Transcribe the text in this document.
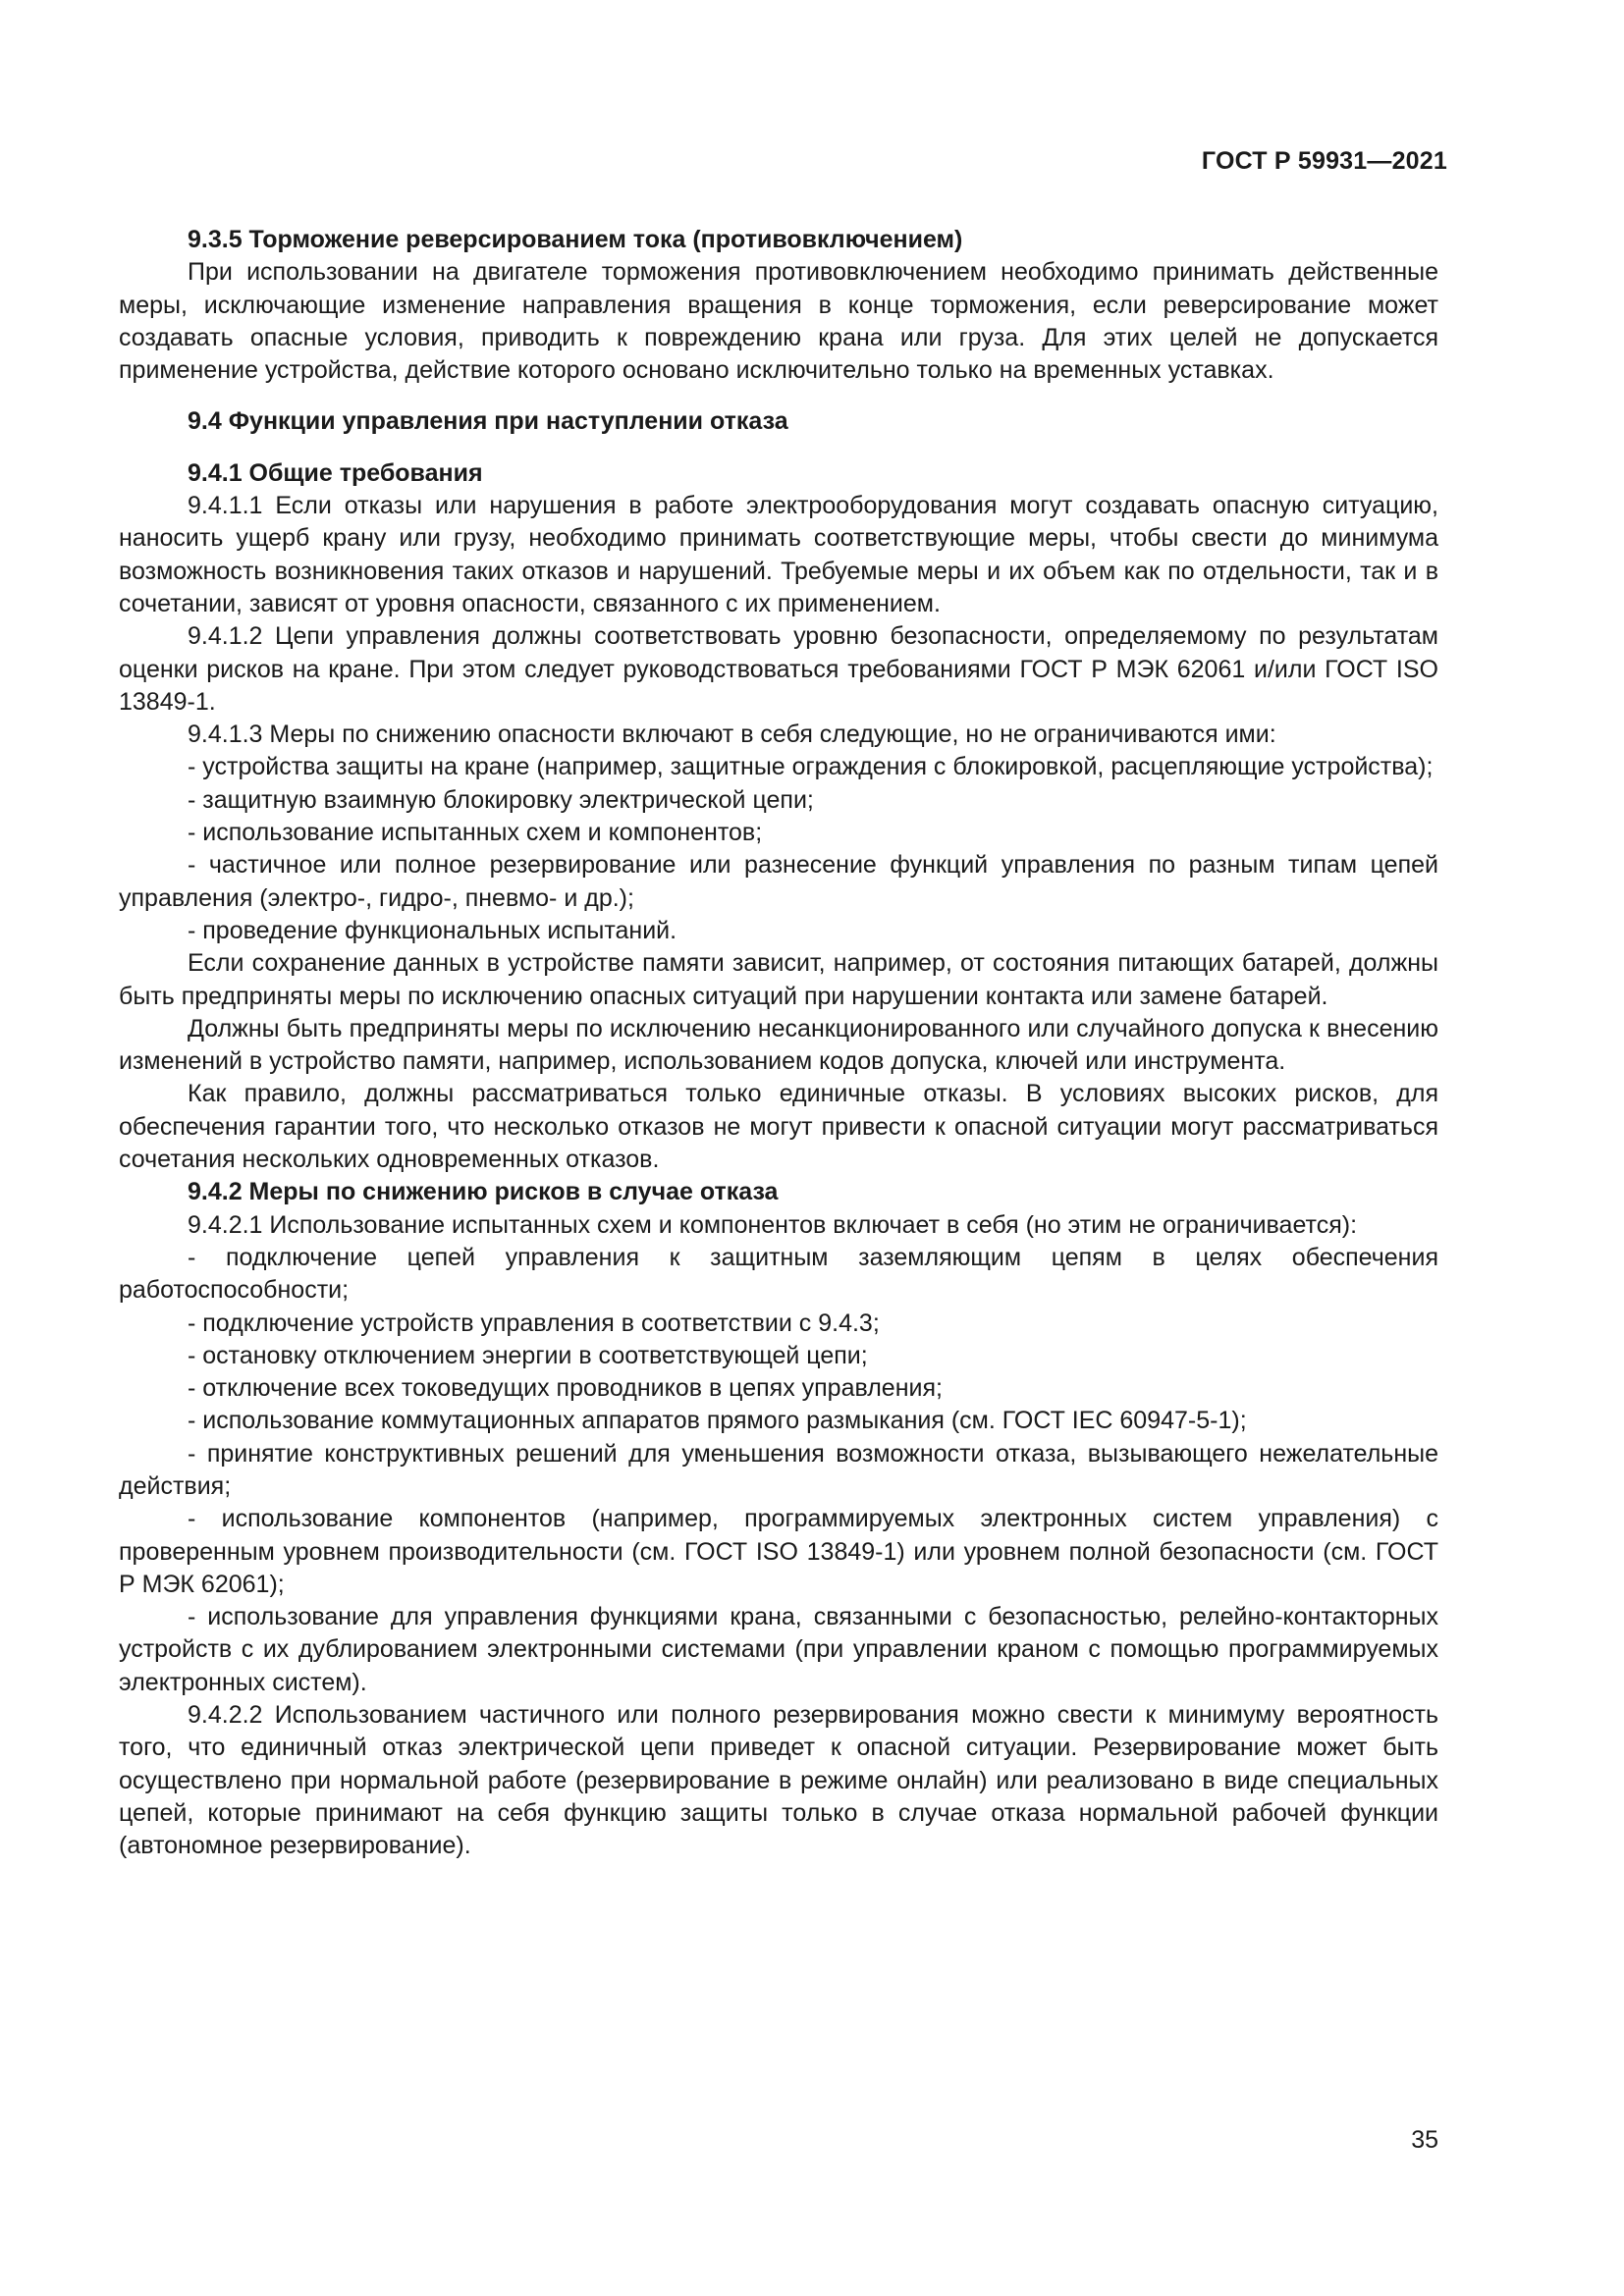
ГОСТ Р 59931—2021

9.3.5 Торможение реверсированием тока (противовключением)

При использовании на двигателе торможения противовключением необходимо принимать действенные меры, исключающие изменение направления вращения в конце торможения, если реверсирование может создавать опасные условия, приводить к повреждению крана или груза. Для этих целей не допускается применение устройства, действие которого основано исключительно только на временных уставках.

9.4 Функции управления при наступлении отказа

9.4.1 Общие требования

9.4.1.1 Если отказы или нарушения в работе электрооборудования могут создавать опасную ситуацию, наносить ущерб крану или грузу, необходимо принимать соответствующие меры, чтобы свести до минимума возможность возникновения таких отказов и нарушений. Требуемые меры и их объем как по отдельности, так и в сочетании, зависят от уровня опасности, связанного с их применением.

9.4.1.2 Цепи управления должны соответствовать уровню безопасности, определяемому по результатам оценки рисков на кране. При этом следует руководствоваться требованиями ГОСТ Р МЭК 62061 и/или ГОСТ ISO 13849-1.

9.4.1.3 Меры по снижению опасности включают в себя следующие, но не ограничиваются ими:

- устройства защиты на кране (например, защитные ограждения с блокировкой, расцепляющие устройства);

- защитную взаимную блокировку электрической цепи;

- использование испытанных схем и компонентов;

- частичное или полное резервирование или разнесение функций управления по разным типам цепей управления (электро-, гидро-, пневмо- и др.);

- проведение функциональных испытаний.

Если сохранение данных в устройстве памяти зависит, например, от состояния питающих батарей, должны быть предприняты меры по исключению опасных ситуаций при нарушении контакта или замене батарей.

Должны быть предприняты меры по исключению несанкционированного или случайного допуска к внесению изменений в устройство памяти, например, использованием кодов допуска, ключей или инструмента.

Как правило, должны рассматриваться только единичные отказы. В условиях высоких рисков, для обеспечения гарантии того, что несколько отказов не могут привести к опасной ситуации могут рассматриваться сочетания нескольких одновременных отказов.

9.4.2 Меры по снижению рисков в случае отказа

9.4.2.1 Использование испытанных схем и компонентов включает в себя (но этим не ограничивается):

- подключение цепей управления к защитным заземляющим цепям в целях обеспечения работоспособности;

- подключение устройств управления в соответствии с 9.4.3;

- остановку отключением энергии в соответствующей цепи;

- отключение всех токоведущих проводников в цепях управления;

- использование коммутационных аппаратов прямого размыкания (см. ГОСТ IEC 60947-5-1);

- принятие конструктивных решений для уменьшения возможности отказа, вызывающего нежелательные действия;

- использование компонентов (например, программируемых электронных систем управления) с проверенным уровнем производительности (см. ГОСТ ISO 13849-1) или уровнем полной безопасности (см. ГОСТ Р МЭК 62061);

- использование для управления функциями крана, связанными с безопасностью, релейно-контакторных устройств с их дублированием электронными системами (при управлении краном с помощью программируемых электронных систем).

9.4.2.2 Использованием частичного или полного резервирования можно свести к минимуму вероятность того, что единичный отказ электрической цепи приведет к опасной ситуации. Резервирование может быть осуществлено при нормальной работе (резервирование в режиме онлайн) или реализовано в виде специальных цепей, которые принимают на себя функцию защиты только в случае отказа нормальной рабочей функции (автономное резервирование).

35
